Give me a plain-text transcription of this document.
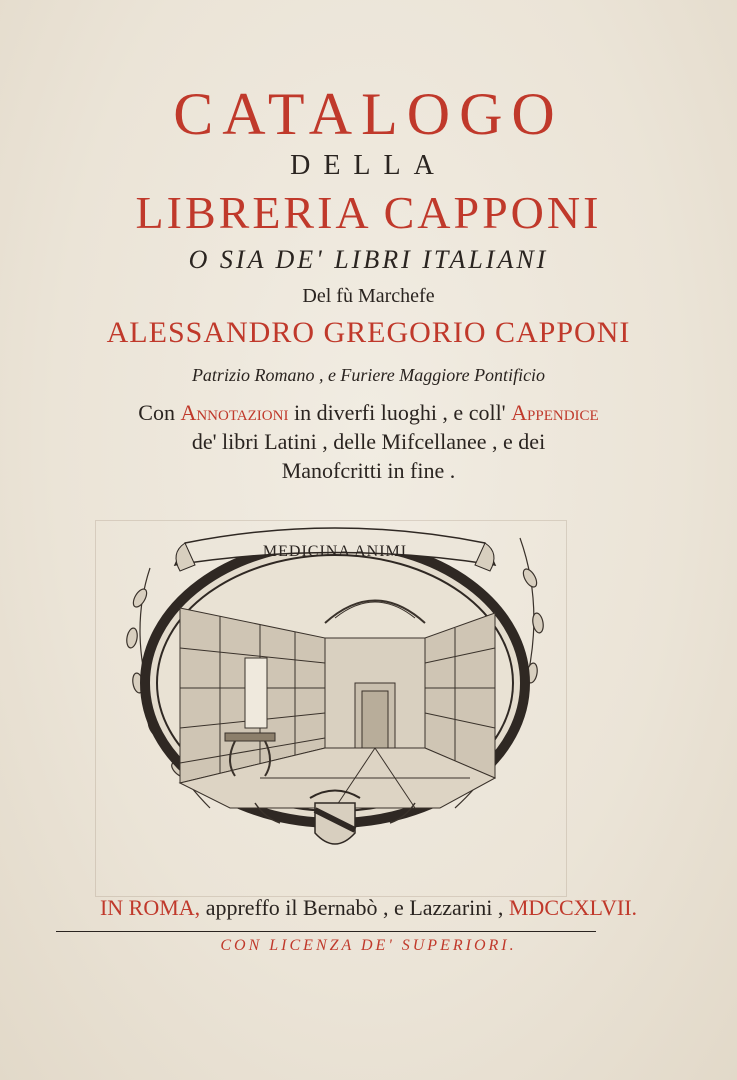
CATALOGO
DELLA
LIBRERIA CAPPONI
O SIA DE' LIBRI ITALIANI
Del fù Marchefe
ALESSANDRO GREGORIO CAPPONI
Patrizio Romano , e Furiere Maggiore Pontificio
Con Annotazioni in diverfi luoghi , e coll' Appendice
de' libri Latini , delle Mifcellanee , e dei
Manofcritti in fine .
MEDICINA ANIMI
IN ROMA, appreffo il Bernabò , e Lazzarini , MDCCXLVII.
CON LICENZA DE' SUPERIORI.
